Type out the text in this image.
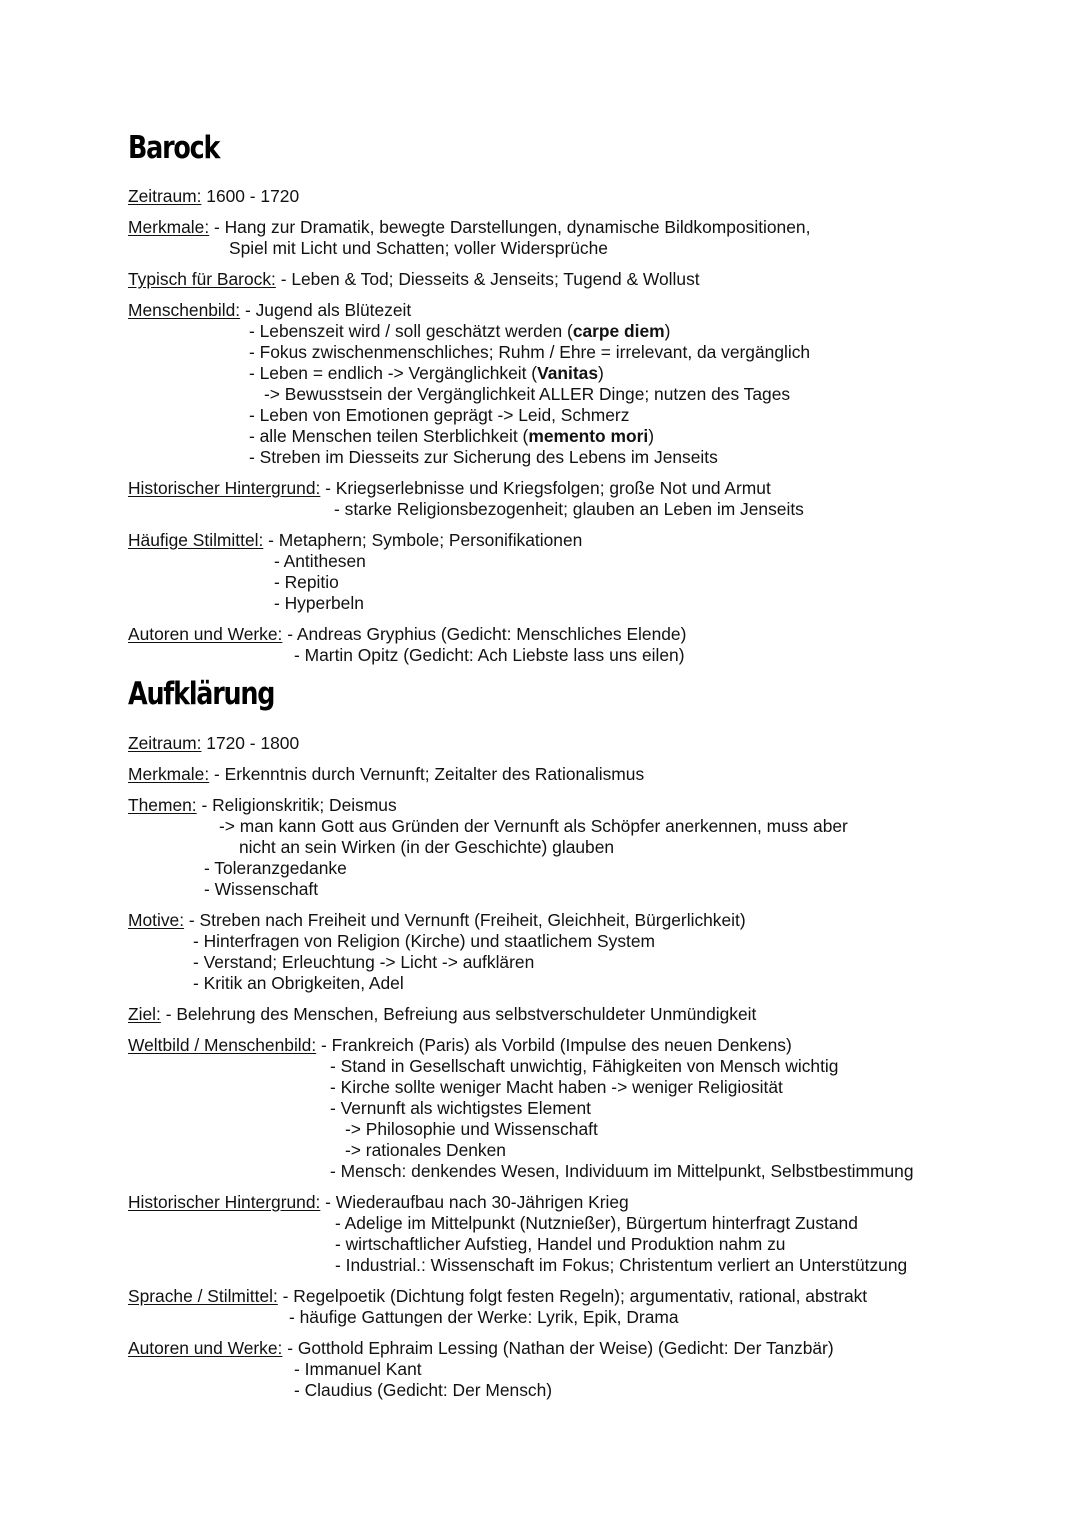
Barock
Zeitraum: 1600 - 1720
Merkmale: - Hang zur Dramatik, bewegte Darstellungen, dynamische Bildkompositionen,
Spiel mit Licht und Schatten; voller Widersprüche
Typisch für Barock: - Leben & Tod; Diesseits & Jenseits; Tugend & Wollust
Menschenbild: - Jugend als Blütezeit
- Lebenszeit wird / soll geschätzt werden (carpe diem)
- Fokus zwischenmenschliches; Ruhm / Ehre = irrelevant, da vergänglich
- Leben = endlich -> Vergänglichkeit (Vanitas)
-> Bewusstsein der Vergänglichkeit ALLER Dinge; nutzen des Tages
- Leben von Emotionen geprägt -> Leid, Schmerz
- alle Menschen teilen Sterblichkeit (memento mori)
- Streben im Diesseits zur Sicherung des Lebens im Jenseits
Historischer Hintergrund: - Kriegserlebnisse und Kriegsfolgen; große Not und Armut
- starke Religionsbezogenheit; glauben an Leben im Jenseits
Häufige Stilmittel: - Metaphern; Symbole; Personifikationen
- Antithesen
- Repitio
- Hyperbeln
Autoren und Werke: - Andreas Gryphius (Gedicht: Menschliches Elende)
- Martin Opitz (Gedicht: Ach Liebste lass uns eilen)
Aufklärung
Zeitraum: 1720 - 1800
Merkmale: - Erkenntnis durch Vernunft; Zeitalter des Rationalismus
Themen: - Religionskritik; Deismus
-> man kann Gott aus Gründen der Vernunft als Schöpfer anerkennen, muss aber
nicht an sein Wirken (in der Geschichte) glauben
- Toleranzgedanke
- Wissenschaft
Motive: - Streben nach Freiheit und Vernunft (Freiheit, Gleichheit, Bürgerlichkeit)
- Hinterfragen von Religion (Kirche) und staatlichem System
- Verstand; Erleuchtung -> Licht -> aufklären
- Kritik an Obrigkeiten, Adel
Ziel: - Belehrung des Menschen, Befreiung aus selbstverschuldeter Unmündigkeit
Weltbild / Menschenbild: - Frankreich (Paris) als Vorbild (Impulse des neuen Denkens)
- Stand in Gesellschaft unwichtig, Fähigkeiten von Mensch wichtig
- Kirche sollte weniger Macht haben -> weniger Religiosität
- Vernunft als wichtigstes Element
-> Philosophie und Wissenschaft
-> rationales Denken
- Mensch: denkendes Wesen, Individuum im Mittelpunkt, Selbstbestimmung
Historischer Hintergrund: - Wiederaufbau nach 30-Jährigen Krieg
- Adelige im Mittelpunkt (Nutznießer), Bürgertum hinterfragt Zustand
- wirtschaftlicher Aufstieg, Handel und Produktion nahm zu
- Industrial.: Wissenschaft im Fokus; Christentum verliert an Unterstützung
Sprache / Stilmittel: - Regelpoetik (Dichtung folgt festen Regeln); argumentativ, rational, abstrakt
- häufige Gattungen der Werke: Lyrik, Epik, Drama
Autoren und Werke: - Gotthold Ephraim Lessing (Nathan der Weise) (Gedicht: Der Tanzbär)
- Immanuel Kant
- Claudius (Gedicht: Der Mensch)
